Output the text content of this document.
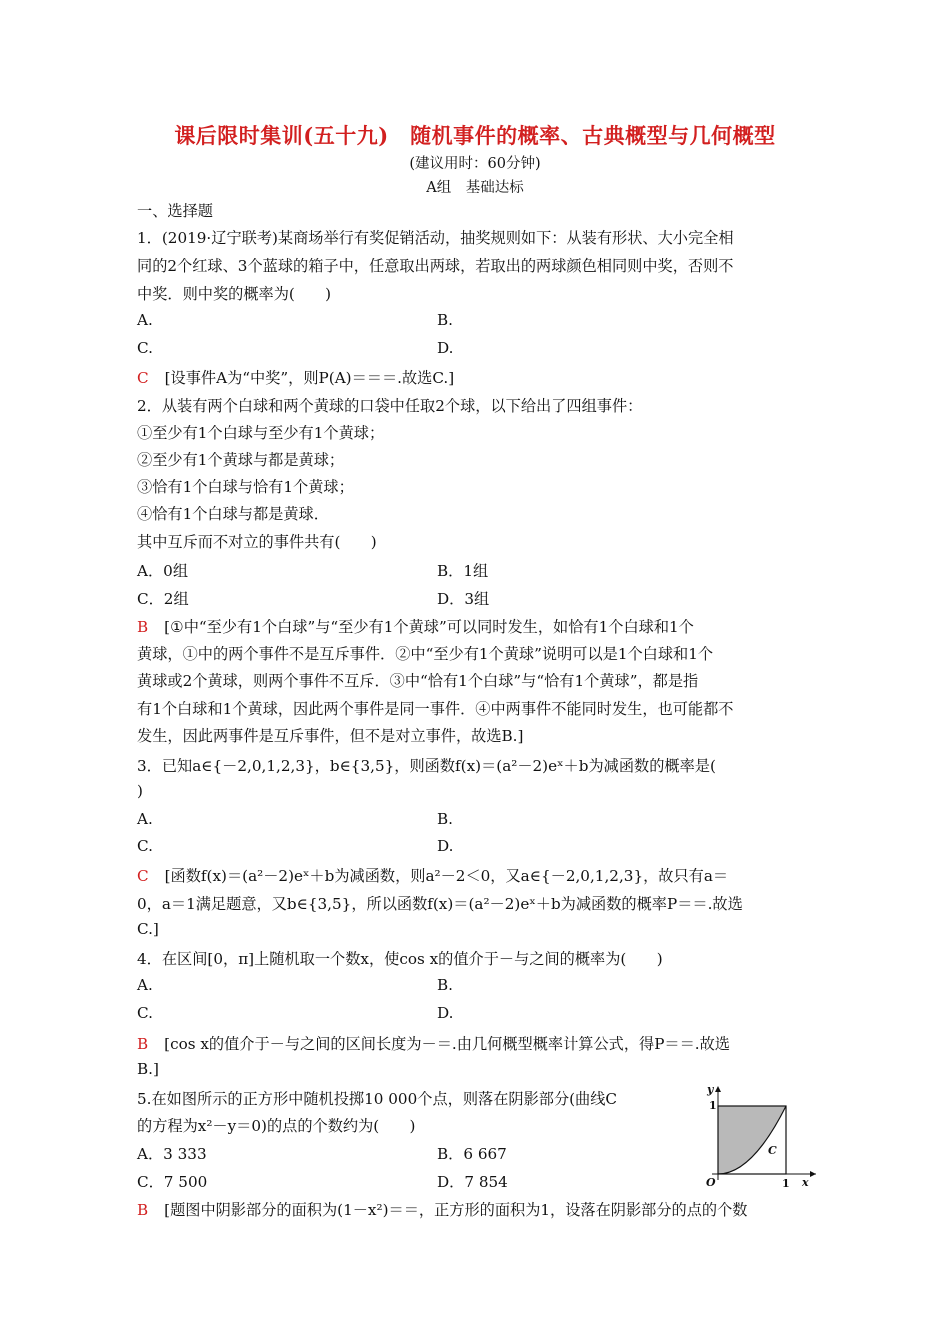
课后限时集训(五十九)　随机事件的概率、古典概型与几何概型
(建议用时：60分钟)
A组　基础达标
一、选择题
1．(2019·辽宁联考)某商场举行有奖促销活动，抽奖规则如下：从装有形状、大小完全相
同的2个红球、3个蓝球的箱子中，任意取出两球，若取出的两球颜色相同则中奖，否则不
中奖．则中奖的概率为(　　)
A.	B.
C.	D.
C [设事件A为“中奖”，则P(A)＝＝＝.故选C.]
2．从装有两个白球和两个黄球的口袋中任取2个球，以下给出了四组事件：
①至少有1个白球与至少有1个黄球；
②至少有1个黄球与都是黄球；
③恰有1个白球与恰有1个黄球；
④恰有1个白球与都是黄球．
其中互斥而不对立的事件共有(　　)
A．0组	B．1组
C．2组	D．3组
B [①中“至少有1个白球”与“至少有1个黄球”可以同时发生，如恰有1个白球和1个
黄球，①中的两个事件不是互斥事件．②中“至少有1个黄球”说明可以是1个白球和1个
黄球或2个黄球，则两个事件不互斥．③中“恰有1个白球”与“恰有1个黄球”，都是指
有1个白球和1个黄球，因此两个事件是同一事件．④中两事件不能同时发生，也可能都不
发生，因此两事件是互斥事件，但不是对立事件，故选B.]
3．已知a∈{－2,0,1,2,3}，b∈{3,5}，则函数f(x)＝(a²－2)eˣ＋b为减函数的概率是(
)
A.	B.
C.	D.
C [函数f(x)＝(a²－2)eˣ＋b为减函数，则a²－2＜0，又a∈{－2,0,1,2,3}，故只有a＝
0，a＝1满足题意，又b∈{3,5}，所以函数f(x)＝(a²－2)eˣ＋b为减函数的概率P＝＝.故选
C.]
4．在区间[0，π]上随机取一个数x，使cos x的值介于－与之间的概率为(　　)
A.	B.
C.	D.
B [cos x的值介于－与之间的区间长度为－＝.由几何概型概率计算公式，得P＝＝.故选
B.]
5.在如图所示的正方形中随机投掷10 000个点，则落在阴影部分(曲线C
的方程为x²－y＝0)的点的个数约为(　　)
A．3 333	B．6 667
C．7 500	D．7 854
B [题图中阴影部分的面积为(1－x²)＝＝，正方形的面积为1，设落在阴影部分的点的个数
y
1
O	1 x
C
